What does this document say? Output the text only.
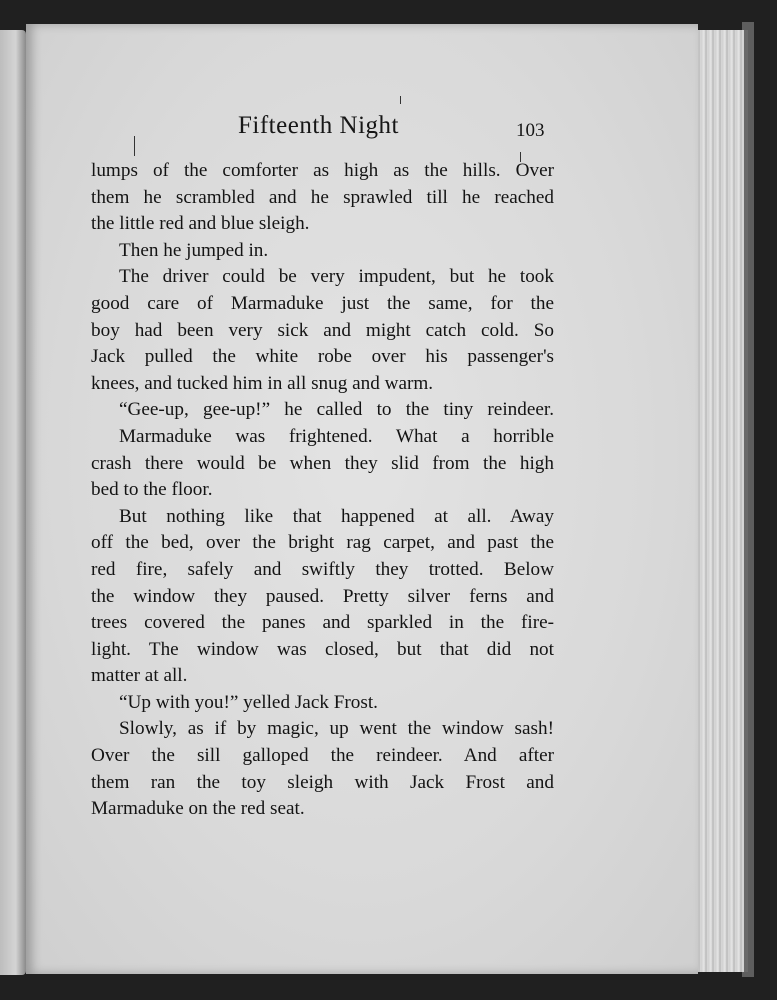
Fifteenth Night	103
lumps of the comforter as high as the hills. Over
them he scrambled and he sprawled till he reached
the little red and blue sleigh.
Then he jumped in.
The driver could be very impudent, but he took
good care of Marmaduke just the same, for the
boy had been very sick and might catch cold. So
Jack pulled the white robe over his passenger's
knees, and tucked him in all snug and warm.
“Gee-up, gee-up!” he called to the tiny reindeer.
Marmaduke was frightened. What a horrible
crash there would be when they slid from the high
bed to the floor.
But nothing like that happened at all. Away
off the bed, over the bright rag carpet, and past the
red fire, safely and swiftly they trotted. Below
the window they paused. Pretty silver ferns and
trees covered the panes and sparkled in the fire-
light. The window was closed, but that did not
matter at all.
“Up with you!” yelled Jack Frost.
Slowly, as if by magic, up went the window sash!
Over the sill galloped the reindeer. And after
them ran the toy sleigh with Jack Frost and
Marmaduke on the red seat.
